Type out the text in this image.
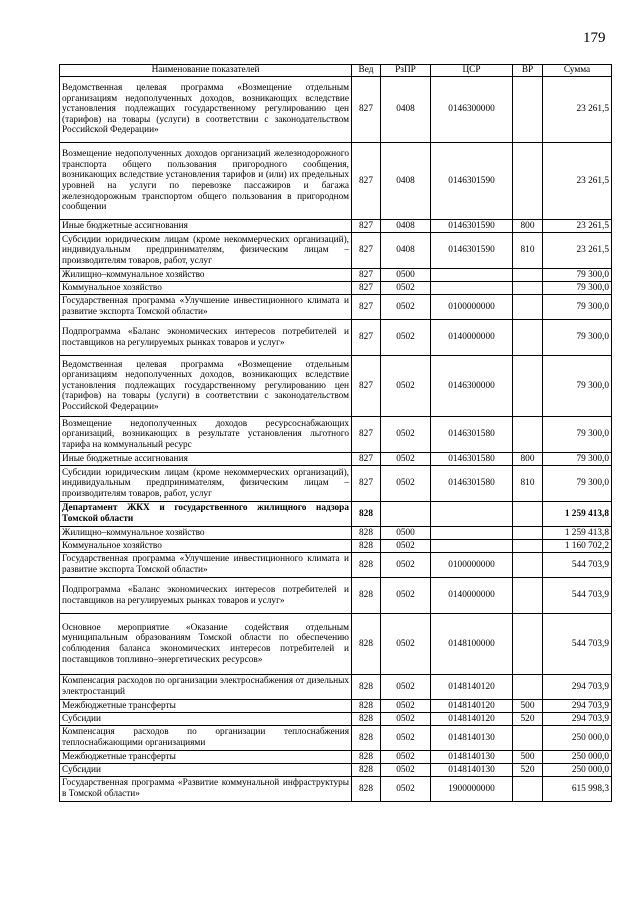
179
Наименование показателей	Вед	РзПР	ЦСР	ВР	Сумма
Ведомственная целевая программа «Возмещение отдельным организациям недополученных доходов, возникающих вследствие установления подлежащих государственному регулированию цен (тарифов) на товары (услуги) в соответствии с законодательством Российской Федерации»	827	0408	0146300000		23 261,5
Возмещение недополученных доходов организаций железнодорожного транспорта общего пользования пригородного сообщения, возникающих вследствие установления тарифов и (или) их предельных уровней на услуги по перевозке пассажиров и багажа железнодорожным транспортом общего пользования в пригородном сообщении	827	0408	0146301590		23 261,5
Иные бюджетные ассигнования	827	0408	0146301590	800	23 261,5
Субсидии юридическим лицам (кроме некоммерческих организаций), индивидуальным предпринимателям, физическим лицам – производителям товаров, работ, услуг	827	0408	0146301590	810	23 261,5
Жилищно–коммунальное хозяйство	827	0500			79 300,0
Коммунальное хозяйство	827	0502			79 300,0
Государственная программа «Улучшение инвестиционного климата и развитие экспорта Томской области»	827	0502	0100000000		79 300,0
Подпрограмма «Баланс экономических интересов потребителей и поставщиков на регулируемых рынках товаров и услуг»	827	0502	0140000000		79 300,0
Ведомственная целевая программа «Возмещение отдельным организациям недополученных доходов, возникающих вследствие установления подлежащих государственному регулированию цен (тарифов) на товары (услуги) в соответствии с законодательством Российской Федерации»	827	0502	0146300000		79 300,0
Возмещение недополученных доходов ресурсоснабжающих организаций, возникающих в результате установления льготного тарифа на коммунальный ресурс	827	0502	0146301580		79 300,0
Иные бюджетные ассигнования	827	0502	0146301580	800	79 300,0
Субсидии юридическим лицам (кроме некоммерческих организаций), индивидуальным предпринимателям, физическим лицам – производителям товаров, работ, услуг	827	0502	0146301580	810	79 300,0
Департамент ЖКХ и государственного жилищного надзора Томской области	828				1 259 413,8
Жилищно–коммунальное хозяйство	828	0500			1 259 413,8
Коммунальное хозяйство	828	0502			1 160 702,2
Государственная программа «Улучшение инвестиционного климата и развитие экспорта Томской области»	828	0502	0100000000		544 703,9
Подпрограмма «Баланс экономических интересов потребителей и поставщиков на регулируемых рынках товаров и услуг»	828	0502	0140000000		544 703,9
Основное мероприятие «Оказание содействия отдельным муниципальным образованиям Томской области по обеспечению соблюдения баланса экономических интересов потребителей и поставщиков топливно–энергетических ресурсов»	828	0502	0148100000		544 703,9
Компенсация расходов по организации электроснабжения от дизельных электростанций	828	0502	0148140120		294 703,9
Межбюджетные трансферты	828	0502	0148140120	500	294 703,9
Субсидии	828	0502	0148140120	520	294 703,9
Компенсация расходов по организации теплоснабжения теплоснабжающими организациями	828	0502	0148140130		250 000,0
Межбюджетные трансферты	828	0502	0148140130	500	250 000,0
Субсидии	828	0502	0148140130	520	250 000,0
Государственная программа «Развитие коммунальной инфраструктуры в Томской области»	828	0502	1900000000		615 998,3
